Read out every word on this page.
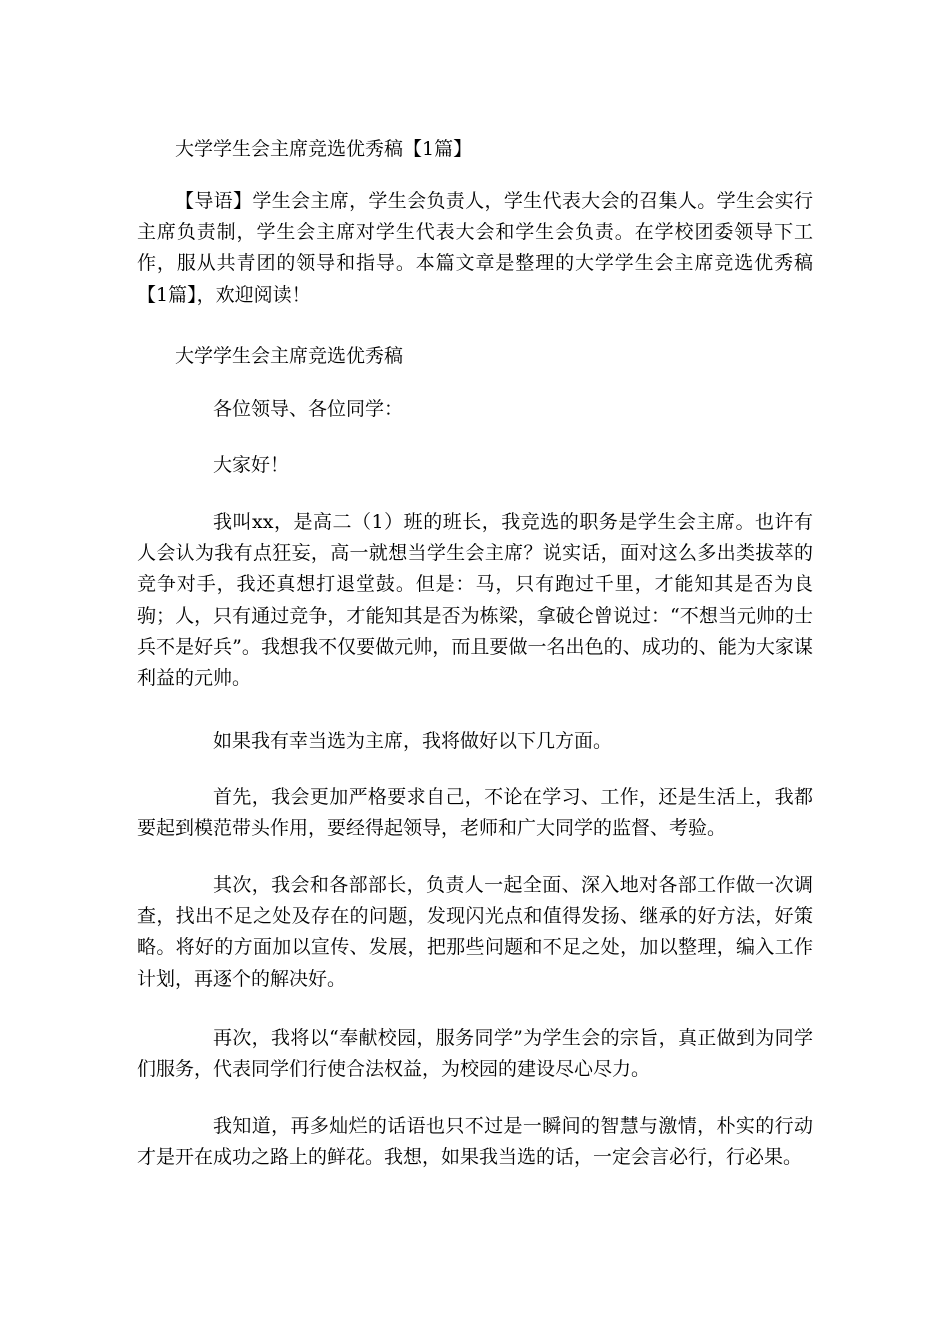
大学学生会主席竞选优秀稿【1篇】

【导语】学生会主席，学生会负责人，学生代表大会的召集人。学生会实行主席负责制，学生会主席对学生代表大会和学生会负责。在学校团委领导下工作，服从共青团的领导和指导。本篇文章是整理的大学学生会主席竞选优秀稿【1篇】，欢迎阅读！

大学学生会主席竞选优秀稿

各位领导、各位同学：

大家好！

我叫xx，是高二（1）班的班长，我竞选的职务是学生会主席。也许有人会认为我有点狂妄，高一就想当学生会主席？说实话，面对这么多出类拔萃的竞争对手，我还真想打退堂鼓。但是：马，只有跑过千里，才能知其是否为良驹；人，只有通过竞争，才能知其是否为栋梁，拿破仑曾说过：“不想当元帅的士兵不是好兵”。我想我不仅要做元帅，而且要做一名出色的、成功的、能为大家谋利益的元帅。

如果我有幸当选为主席，我将做好以下几方面。

首先，我会更加严格要求自己，不论在学习、工作，还是生活上，我都要起到模范带头作用，要经得起领导，老师和广大同学的监督、考验。

其次，我会和各部部长，负责人一起全面、深入地对各部工作做一次调查，找出不足之处及存在的问题，发现闪光点和值得发扬、继承的好方法，好策略。将好的方面加以宣传、发展，把那些问题和不足之处，加以整理，编入工作计划，再逐个的解决好。

再次，我将以“奉献校园，服务同学”为学生会的宗旨，真正做到为同学们服务，代表同学们行使合法权益，为校园的建设尽心尽力。

我知道，再多灿烂的话语也只不过是一瞬间的智慧与激情，朴实的行动才是开在成功之路上的鲜花。我想，如果我当选的话，一定会言必行，行必果。
